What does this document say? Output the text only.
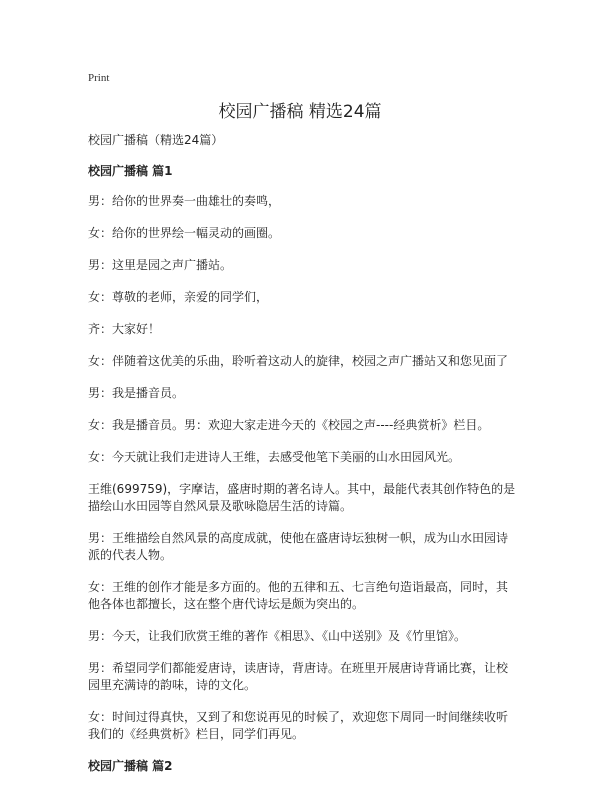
Print
校园广播稿 精选24篇

校园广播稿（精选24篇）

校园广播稿 篇1

男：给你的世界奏一曲雄壮的奏鸣，

女：给你的世界绘一幅灵动的画圈。

男：这里是园之声广播站。

女：尊敬的老师，亲爱的同学们，

齐：大家好！

女：伴随着这优美的乐曲，聆听着这动人的旋律，校园之声广播站又和您见面了

男：我是播音员。

女：我是播音员。男：欢迎大家走进今天的《校园之声----经典赏析》栏目。

女：今天就让我们走进诗人王维，去感受他笔下美丽的山水田园风光。

王维(699759)，字摩诘，盛唐时期的著名诗人。其中，最能代表其创作特色的是描绘山水田园等自然风景及歌咏隐居生活的诗篇。

男：王维描绘自然风景的高度成就，使他在盛唐诗坛独树一帜，成为山水田园诗派的代表人物。

女：王维的创作才能是多方面的。他的五律和五、七言绝句造诣最高，同时，其他各体也都擅长，这在整个唐代诗坛是颇为突出的。

男：今天，让我们欣赏王维的著作《相思》、《山中送别》及《竹里馆》。

男：希望同学们都能爱唐诗，读唐诗，背唐诗。在班里开展唐诗背诵比赛，让校园里充满诗的韵味，诗的文化。

女：时间过得真快，又到了和您说再见的时候了，欢迎您下周同一时间继续收听我们的《经典赏析》栏目，同学们再见。

校园广播稿 篇2
